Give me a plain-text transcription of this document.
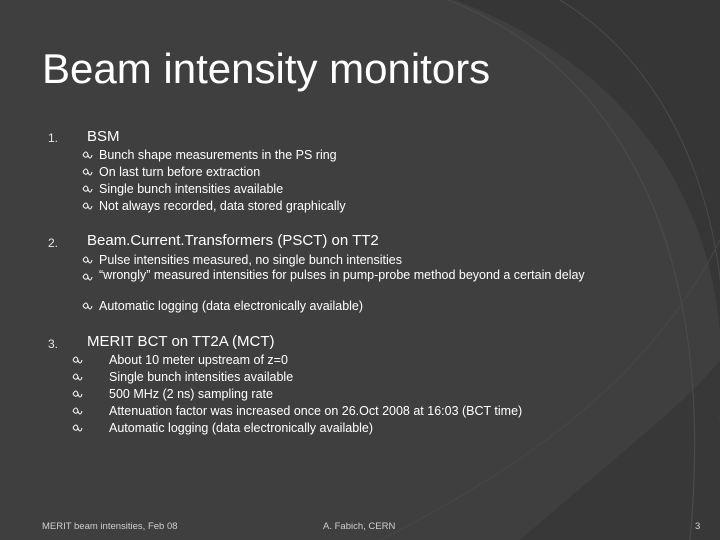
Beam intensity monitors
1. BSM
Bunch shape measurements in the PS ring
On last turn before extraction
Single bunch intensities available
Not always recorded, data stored graphically
2. Beam.Current.Transformers (PSCT) on TT2
Pulse intensities measured, no single bunch intensities
“wrongly” measured intensities for pulses in pump-probe method beyond a certain delay
Automatic logging (data electronically available)
3. MERIT BCT on TT2A (MCT)
About 10 meter upstream of z=0
Single bunch intensities available
500 MHz (2 ns) sampling rate
Attenuation factor was increased once on 26.Oct 2008 at 16:03 (BCT time)
Automatic logging (data electronically available)
MERIT beam intensities, Feb 08	A. Fabich, CERN	3
